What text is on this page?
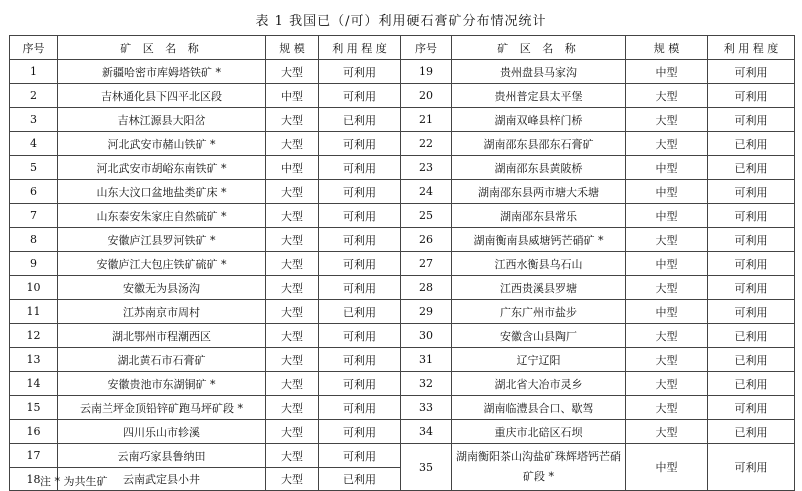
表 1 我国已（/可）利用硬石膏矿分布情况统计
序号	矿 区 名 称	规 模	利 用 程 度	序号	矿 区 名 称	规 模	利 用 程 度
1	新疆哈密市库姆塔铁矿 *	大型	可利用	19	贵州盘县马家沟	中型	可利用
2	吉林通化县下四平北区段	中型	可利用	20	贵州普定县太平堡	大型	可利用
3	吉林江源县大阳岔	大型	已利用	21	湖南双峰县梓门桥	大型	可利用
4	河北武安市赭山铁矿 *	大型	可利用	22	湖南邵东县邵东石膏矿	大型	已利用
5	河北武安市胡峪东南铁矿 *	中型	可利用	23	湖南邵东县黄陂桥	中型	已利用
6	山东大汶口盆地盐类矿床 *	大型	可利用	24	湖南邵东县两市塘大禾塘	中型	可利用
7	山东泰安朱家庄自然硫矿 *	大型	可利用	25	湖南邵东县常乐	中型	可利用
8	安徽庐江县罗河铁矿 *	大型	可利用	26	湖南衡南县威塘钙芒硝矿 *	大型	可利用
9	安徽庐江大包庄铁矿硫矿 *	大型	可利用	27	江西水衡县乌石山	中型	可利用
10	安徽无为县汤沟	大型	可利用	28	江西贵溪县罗塘	大型	可利用
11	江苏南京市周村	大型	已利用	29	广东广州市盐步	中型	可利用
12	湖北鄂州市程潮西区	大型	可利用	30	安徽含山县陶厂	大型	已利用
13	湖北黄石市石膏矿	大型	可利用	31	辽宁辽阳	大型	已利用
14	安徽贵池市东湖铜矿 *	大型	可利用	32	湖北省大冶市灵乡	大型	已利用
15	云南兰坪金顶铅锌矿跑马坪矿段 *	大型	可利用	33	湖南临澧县合口、歇驾	大型	可利用
16	四川乐山市轸溪	大型	可利用	34	重庆市北碚区石坝	大型	已利用
17	云南巧家县鲁纳田	大型	可利用	35	湖南衡阳茶山沟盐矿珠辉塔钙芒硝矿段 *	中型	可利用
18	云南武定县小井	大型	已利用				
注 * 为共生矿
